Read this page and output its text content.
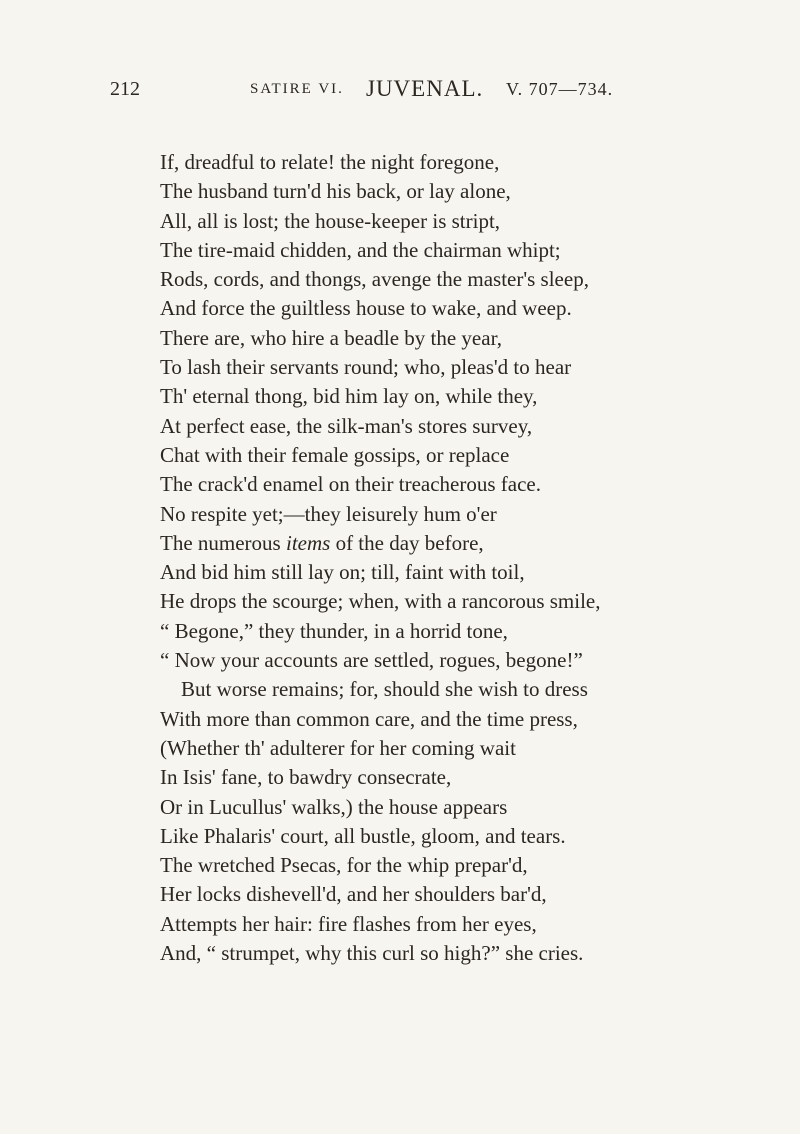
212	SATIRE VI. JUVENAL. V. 707—734.
If, dreadful to relate! the night foregone,
The husband turn'd his back, or lay alone,
All, all is lost; the house-keeper is stript,
The tire-maid chidden, and the chairman whipt;
Rods, cords, and thongs, avenge the master's sleep,
And force the guiltless house to wake, and weep.
There are, who hire a beadle by the year,
To lash their servants round; who, pleas'd to hear
Th' eternal thong, bid him lay on, while they,
At perfect ease, the silk-man's stores survey,
Chat with their female gossips, or replace
The crack'd enamel on their treacherous face.
No respite yet;—they leisurely hum o'er
The numerous items of the day before,
And bid him still lay on; till, faint with toil,
He drops the scourge; when, with a rancorous smile,
“ Begone,” they thunder, in a horrid tone,
“ Now your accounts are settled, rogues, begone!”
But worse remains; for, should she wish to dress
With more than common care, and the time press,
(Whether th' adulterer for her coming wait
In Isis' fane, to bawdry consecrate,
Or in Lucullus' walks,) the house appears
Like Phalaris' court, all bustle, gloom, and tears.
The wretched Psecas, for the whip prepar'd,
Her locks dishevell'd, and her shoulders bar'd,
Attempts her hair: fire flashes from her eyes,
And, “ strumpet, why this curl so high?” she cries.
